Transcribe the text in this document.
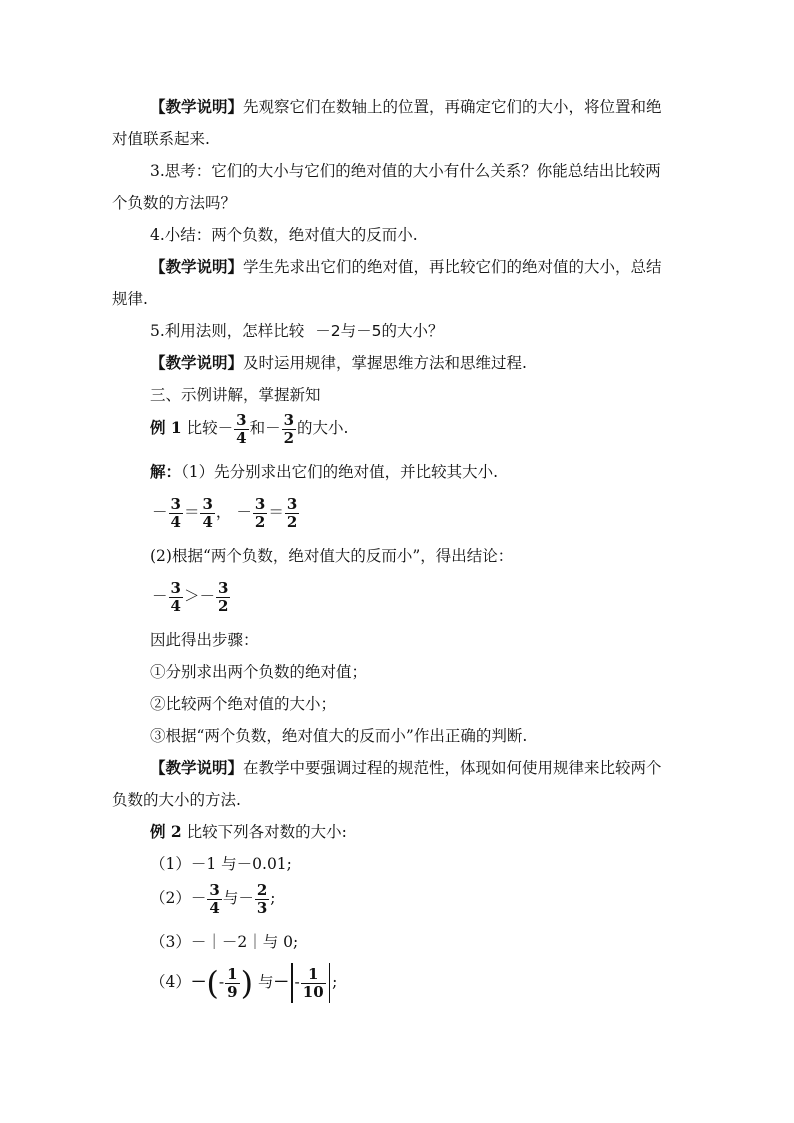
【教学说明】先观察它们在数轴上的位置，再确定它们的大小，将位置和绝
对值联系起来.
3.思考：它们的大小与它们的绝对值的大小有什么关系？你能总结出比较两
个负数的方法吗？
4.小结：两个负数，绝对值大的反而小.
【教学说明】学生先求出它们的绝对值，再比较它们的绝对值的大小，总结
规律.
5.利用法则，怎样比较 －2与－5的大小？
【教学说明】及时运用规律，掌握思维方法和思维过程.
三、示例讲解，掌握新知
例 1 比较－ $\frac{3}{4}$ 和－ $\frac{3}{2}$ 的大小.
解：（1）先分别求出它们的绝对值，并比较其大小.
－ $\frac{3}{4} = \frac{3}{4}$ ， － $\frac{3}{2} = \frac{3}{2}$
(2)根据“两个负数，绝对值大的反而小”，得出结论：
－ $\frac{3}{4} >- \frac{3}{2}$
因此得出步骤：
①分别求出两个负数的绝对值；
②比较两个绝对值的大小；
③根据“两个负数，绝对值大的反而小”作出正确的判断.
【教学说明】在教学中要强调过程的规范性，体现如何使用规律来比较两个
负数的大小的方法.
例 2 比较下列各对数的大小:
（1）－1 与－0.01;
$(2)- \frac{3}{4}$ 与－ $\frac{2}{3}$ ;
（3）－｜－2｜与 0;
$(4)-(- \frac{1}{9}$ ) 与－ - $\frac{1}{10}$ ;
